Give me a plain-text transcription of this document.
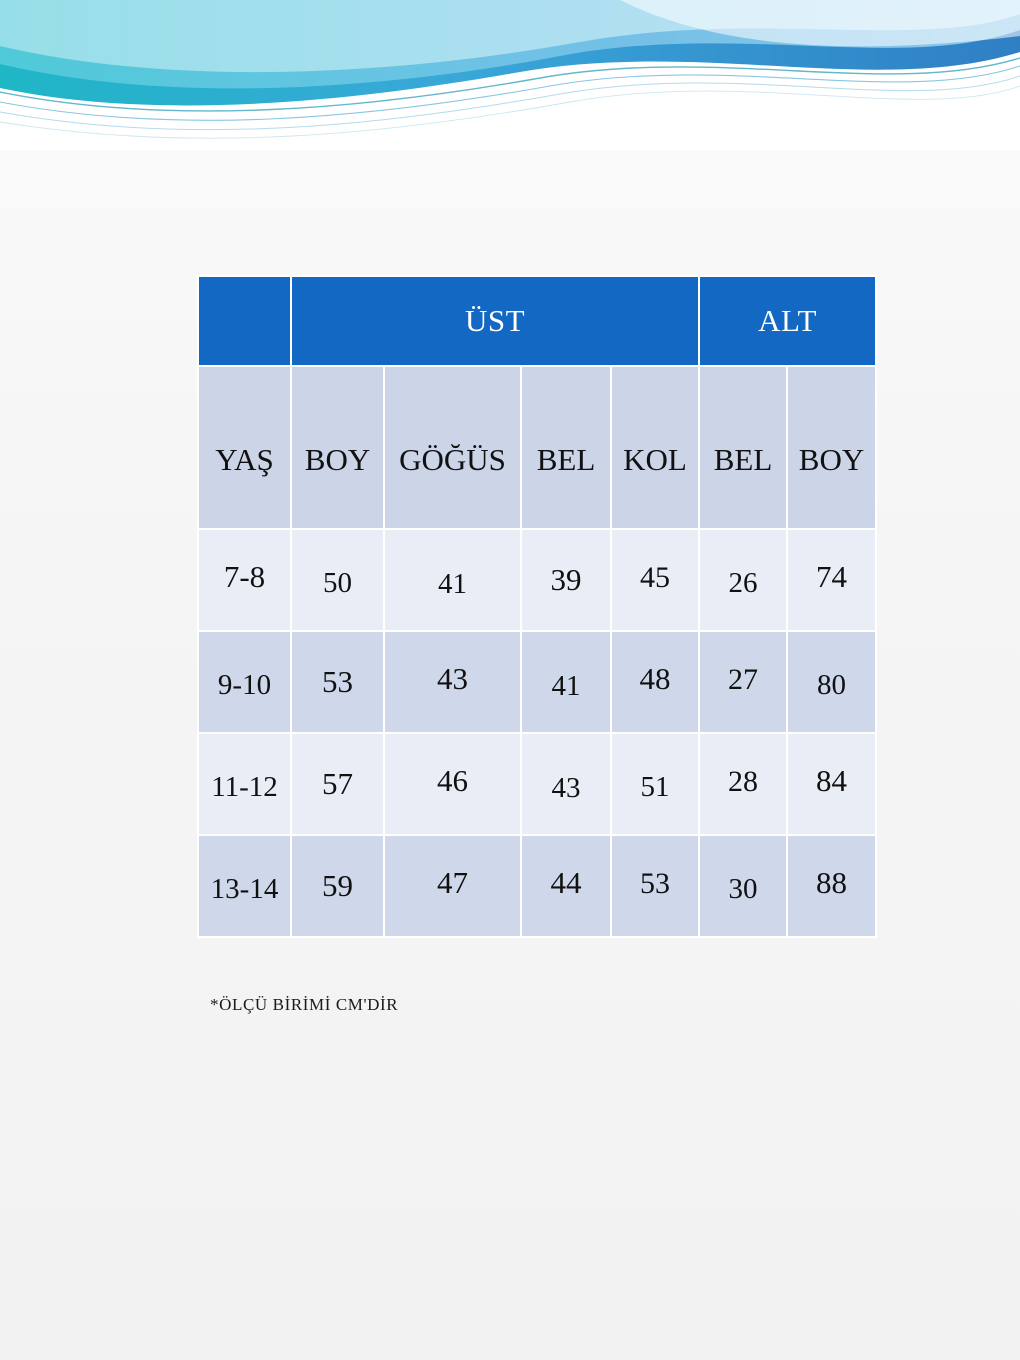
	ÜST				ALT	
YAŞ	BOY	GÖĞÜS	BEL	KOL	BEL	BOY
7-8	50	41	39	45	26	74
9-10	53	43	41	48	27	80
11-12	57	46	43	51	28	84
13-14	59	47	44	53	30	88
*ÖLÇÜ BİRİMİ CM'DİR
